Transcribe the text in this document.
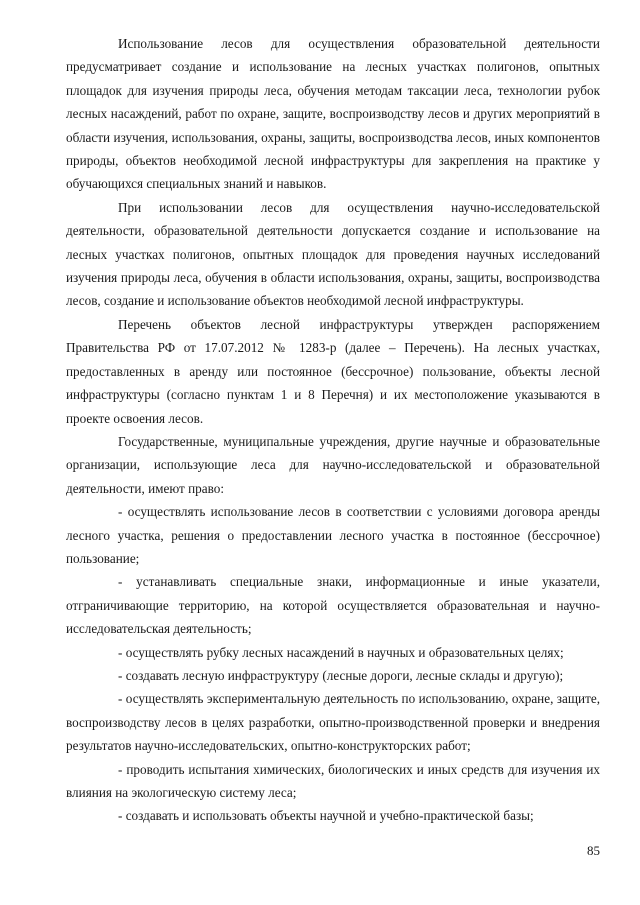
Использование лесов для осуществления образовательной деятельности предусматривает создание и использование на лесных участках полигонов, опытных площадок для изучения природы леса, обучения методам таксации леса, технологии рубок лесных насаждений, работ по охране, защите, воспроизводству лесов и других мероприятий в области изучения, использования, охраны, защиты, воспроизводства лесов, иных компонентов природы, объектов необходимой лесной инфраструктуры для закрепления на практике у обучающихся специальных знаний и навыков.

При использовании лесов для осуществления научно-исследовательской деятельности, образовательной деятельности допускается создание и использование на лесных участках полигонов, опытных площадок для проведения научных исследований изучения природы леса, обучения в области использования, охраны, защиты, воспроизводства лесов, создание и использование объектов необходимой лесной инфраструктуры.

Перечень объектов лесной инфраструктуры утвержден распоряжением Правительства РФ от 17.07.2012 № 1283-р (далее – Перечень). На лесных участках, предоставленных в аренду или постоянное (бессрочное) пользование, объекты лесной инфраструктуры (согласно пунктам 1 и 8 Перечня) и их местоположение указываются в проекте освоения лесов.

Государственные, муниципальные учреждения, другие научные и образовательные организации, использующие леса для научно-исследовательской и образовательной деятельности, имеют право:

- осуществлять использование лесов в соответствии с условиями договора аренды лесного участка, решения о предоставлении лесного участка в постоянное (бессрочное) пользование;

- устанавливать специальные знаки, информационные и иные указатели, отграничивающие территорию, на которой осуществляется образовательная и научно-исследовательская деятельность;

- осуществлять рубку лесных насаждений в научных и образовательных целях;

- создавать лесную инфраструктуру (лесные дороги, лесные склады и другую);

- осуществлять экспериментальную деятельность по использованию, охране, защите, воспроизводству лесов в целях разработки, опытно-производственной проверки и внедрения результатов научно-исследовательских, опытно-конструкторских работ;

- проводить испытания химических, биологических и иных средств для изучения их влияния на экологическую систему леса;

- создавать и использовать объекты научной и учебно-практической базы;

85
